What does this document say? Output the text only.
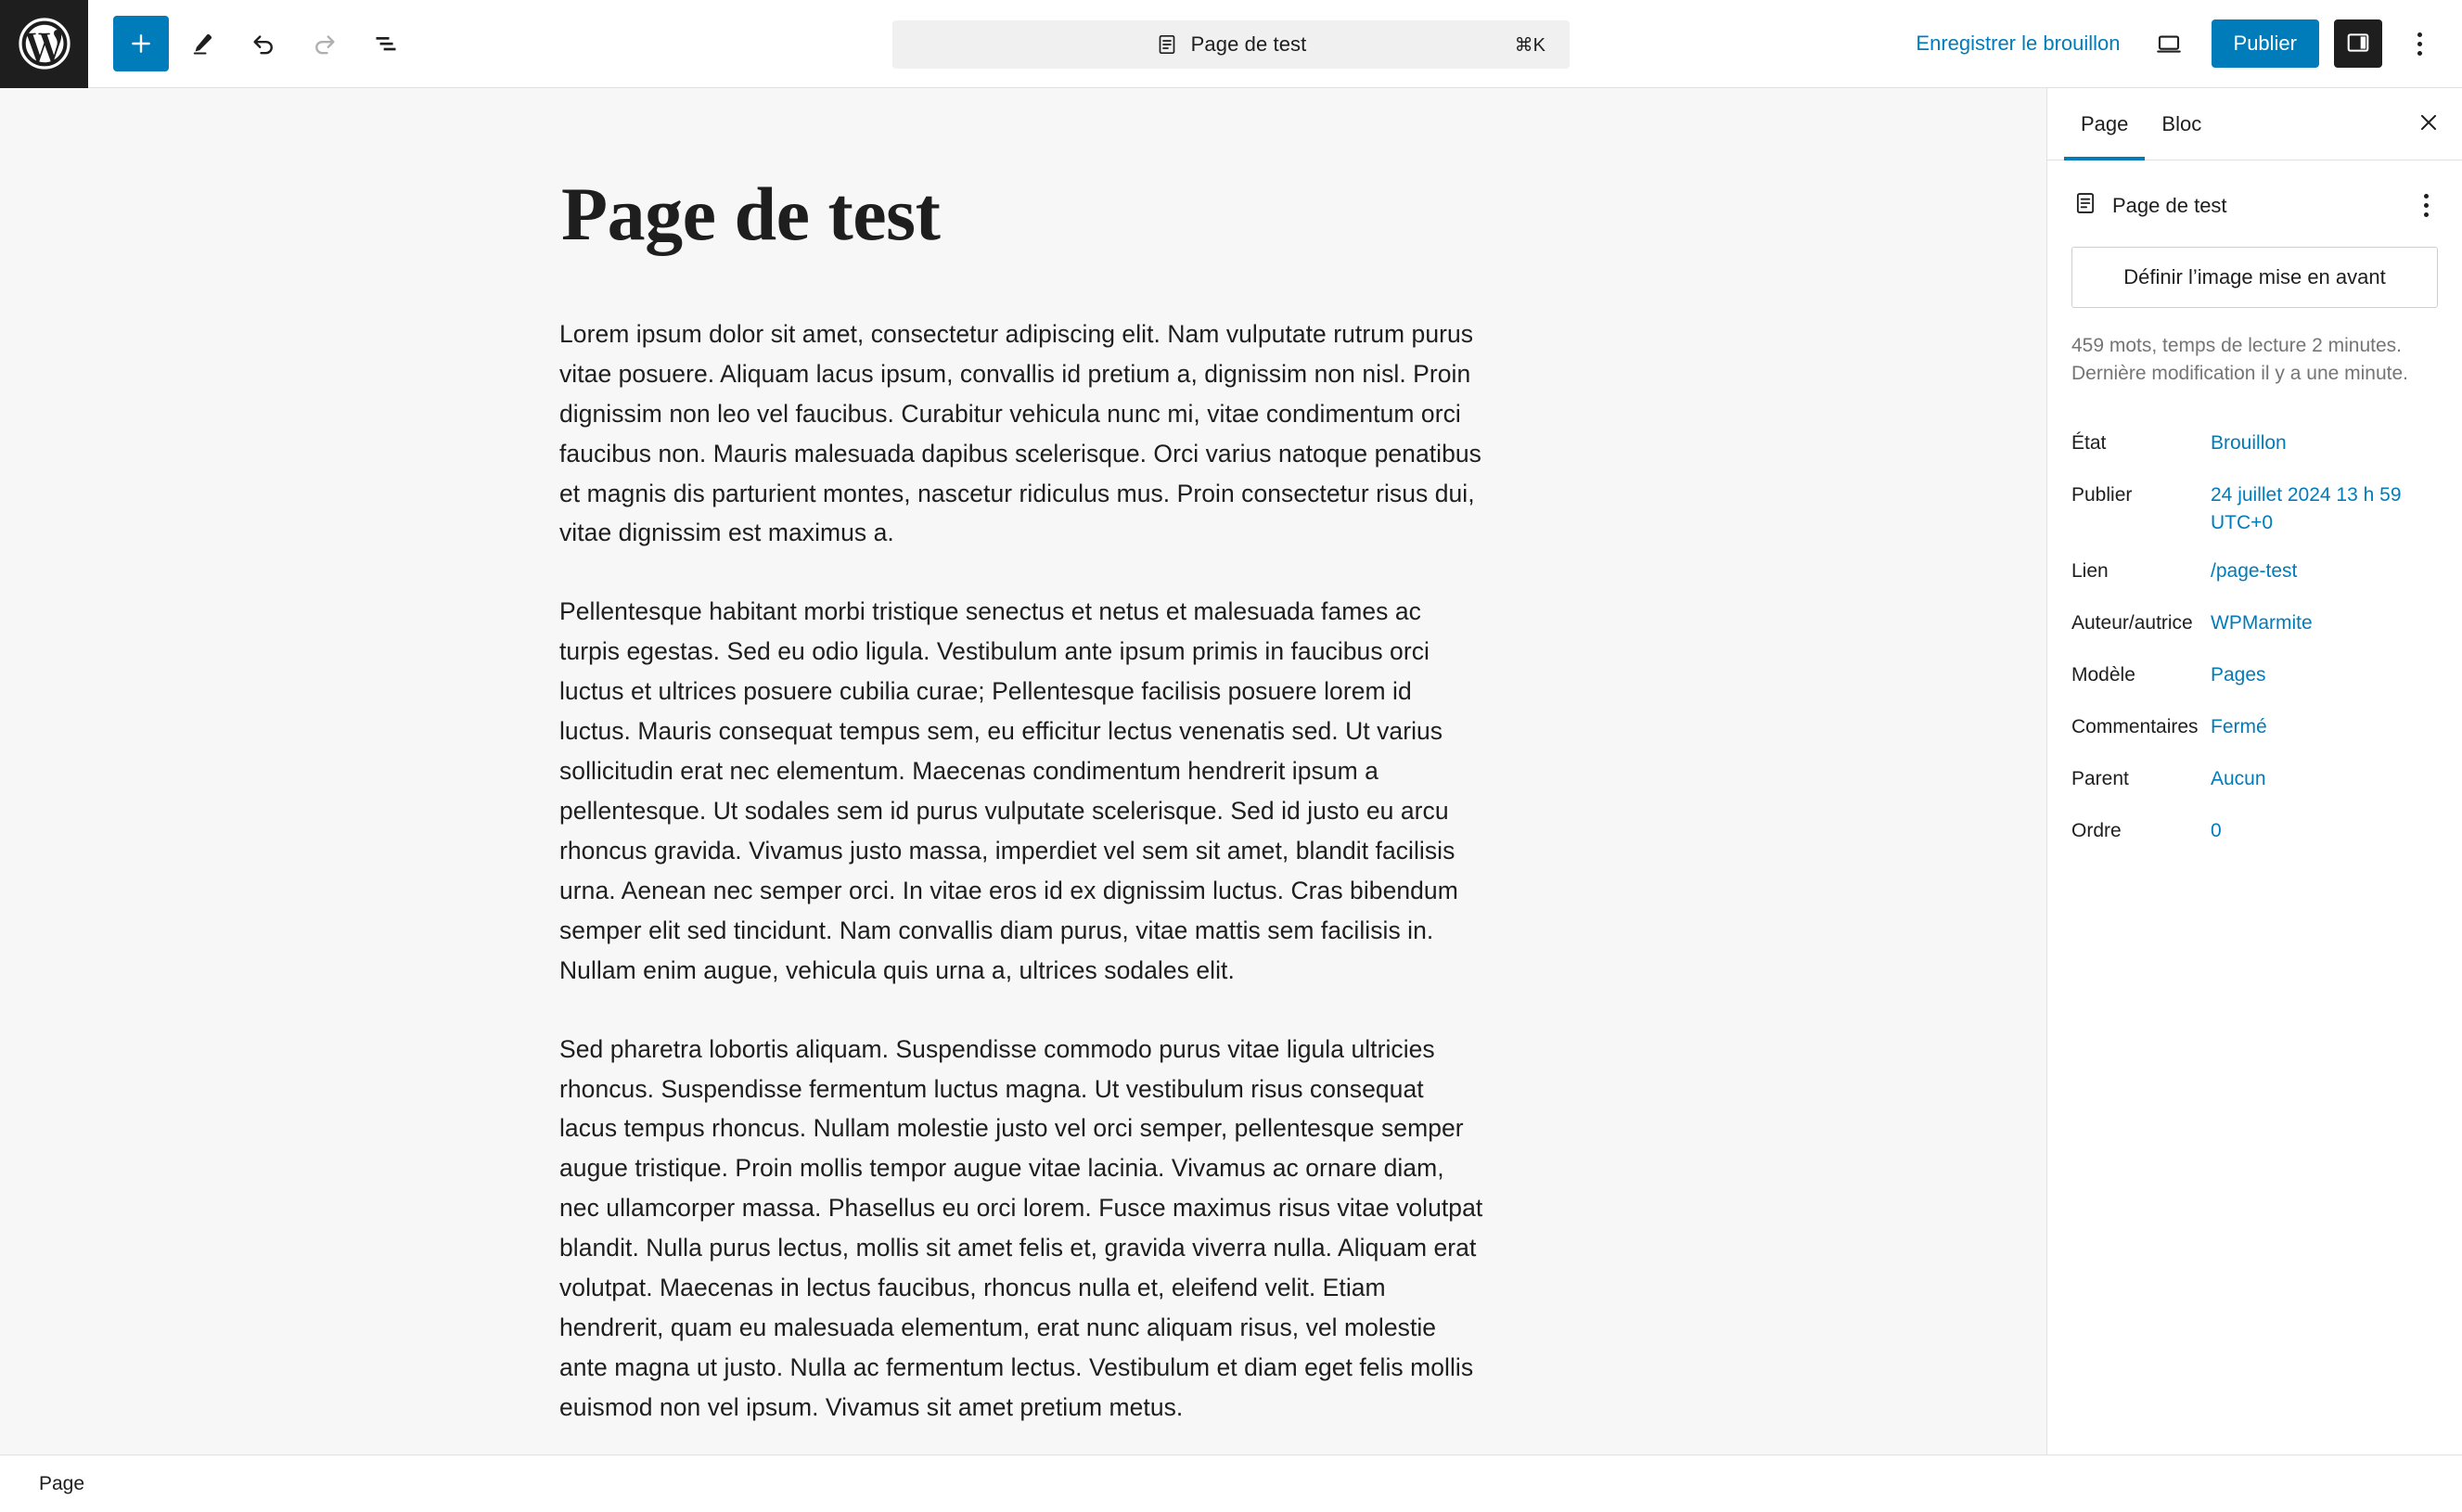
Page de test	⌘K	Enregistrer le brouillon	Publier
Page de test

Lorem ipsum dolor sit amet, consectetur adipiscing elit. Nam vulputate rutrum purus vitae posuere. Aliquam lacus ipsum, convallis id pretium a, dignissim non nisl. Proin dignissim non leo vel faucibus. Curabitur vehicula nunc mi, vitae condimentum orci faucibus non. Mauris malesuada dapibus scelerisque. Orci varius natoque penatibus et magnis dis parturient montes, nascetur ridiculus mus. Proin consectetur risus dui, vitae dignissim est maximus a.

Pellentesque habitant morbi tristique senectus et netus et malesuada fames ac turpis egestas. Sed eu odio ligula. Vestibulum ante ipsum primis in faucibus orci luctus et ultrices posuere cubilia curae; Pellentesque facilisis posuere lorem id luctus. Mauris consequat tempus sem, eu efficitur lectus venenatis sed. Ut varius sollicitudin erat nec elementum. Maecenas condimentum hendrerit ipsum a pellentesque. Ut sodales sem id purus vulputate scelerisque. Sed id justo eu arcu rhoncus gravida. Vivamus justo massa, imperdiet vel sem sit amet, blandit facilisis urna. Aenean nec semper orci. In vitae eros id ex dignissim luctus. Cras bibendum semper elit sed tincidunt. Nam convallis diam purus, vitae mattis sem facilisis in. Nullam enim augue, vehicula quis urna a, ultrices sodales elit.

Sed pharetra lobortis aliquam. Suspendisse commodo purus vitae ligula ultricies rhoncus. Suspendisse fermentum luctus magna. Ut vestibulum risus consequat lacus tempus rhoncus. Nullam molestie justo vel orci semper, pellentesque semper augue tristique. Proin mollis tempor augue vitae lacinia. Vivamus ac ornare diam, nec ullamcorper massa. Phasellus eu orci lorem. Fusce maximus risus vitae volutpat blandit. Nulla purus lectus, mollis sit amet felis et, gravida viverra nulla. Aliquam erat volutpat. Maecenas in lectus faucibus, rhoncus nulla et, eleifend velit. Etiam hendrerit, quam eu malesuada elementum, erat nunc aliquam risus, vel molestie ante magna ut justo. Nulla ac fermentum lectus. Vestibulum et diam eget felis mollis euismod non vel ipsum. Vivamus sit amet pretium metus.

Page	Bloc
Page de test
Définir l’image mise en avant
459 mots, temps de lecture 2 minutes.
Dernière modification il y a une minute.
État	Brouillon
Publier	24 juillet 2024 13 h 59 UTC+0
Lien	/page-test
Auteur/autrice WPMarmite
Modèle	Pages
Commentaires Fermé
Parent	Aucun
Ordre	0
Page
